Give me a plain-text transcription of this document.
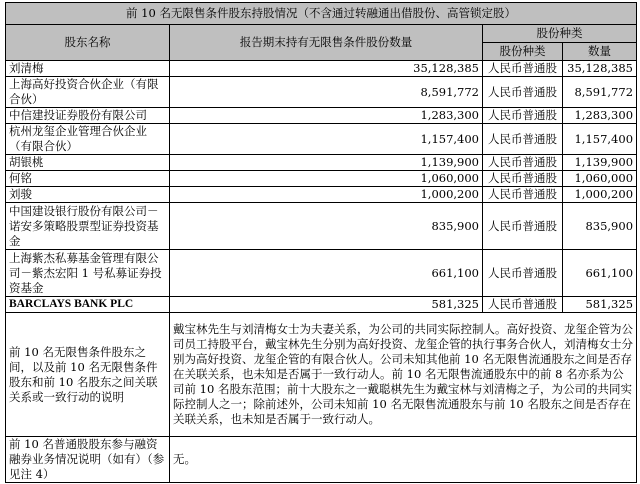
前 10 名无限售条件股东持股情况（不含通过转融通出借股份、高管锁定股）			
股东名称	报告期末持有无限售条件股份数量	股份种类	
		股份种类	数量
刘清梅	35,128,385	人民币普通股	35,128,385
上海高好投资合伙企业（有限合伙）	8,591,772	人民币普通股	8,591,772
中信建投证券股份有限公司	1,283,300	人民币普通股	1,283,300
杭州龙玺企业管理合伙企业（有限合伙）	1,157,400	人民币普通股	1,157,400
胡银桃	1,139,900	人民币普通股	1,139,900
何铭	1,060,000	人民币普通股	1,060,000
刘骏	1,000,200	人民币普通股	1,000,200
中国建设银行股份有限公司－诺安多策略股票型证券投资基金	835,900	人民币普通股	835,900
上海紫杰私募基金管理有限公司－紫杰宏阳 1 号私募证券投资基金	661,100	人民币普通股	661,100
BARCLAYS BANK PLC	581,325	人民币普通股	581,325
前 10 名无限售条件股东之间，以及前 10 名无限售条件股东和前 10 名股东之间关联关系或一致行动的说明	戴宝林先生与刘清梅女士为夫妻关系，为公司的共同实际控制人。高好投资、龙玺企管为公司员工持股平台，戴宝林先生分别为高好投资、龙玺企管的执行事务合伙人，刘清梅女士分别为高好投资、龙玺企管的有限合伙人。公司未知其他前 10 名无限售流通股东之间是否存在关联关系，也未知是否属于一致行动人。前 10 名无限售流通股东中的前 8 名亦系为公司前 10 名股东范围；前十大股东之一戴聪棋先生为戴宝林与刘清梅之子，为公司的共同实际控制人之一；除前述外，公司未知前 10 名无限售流通股东与前 10 名股东之间是否存在关联关系，也未知是否属于一致行动人。		
前 10 名普通股股东参与融资融券业务情况说明（如有）（参见注 4）	无。		
